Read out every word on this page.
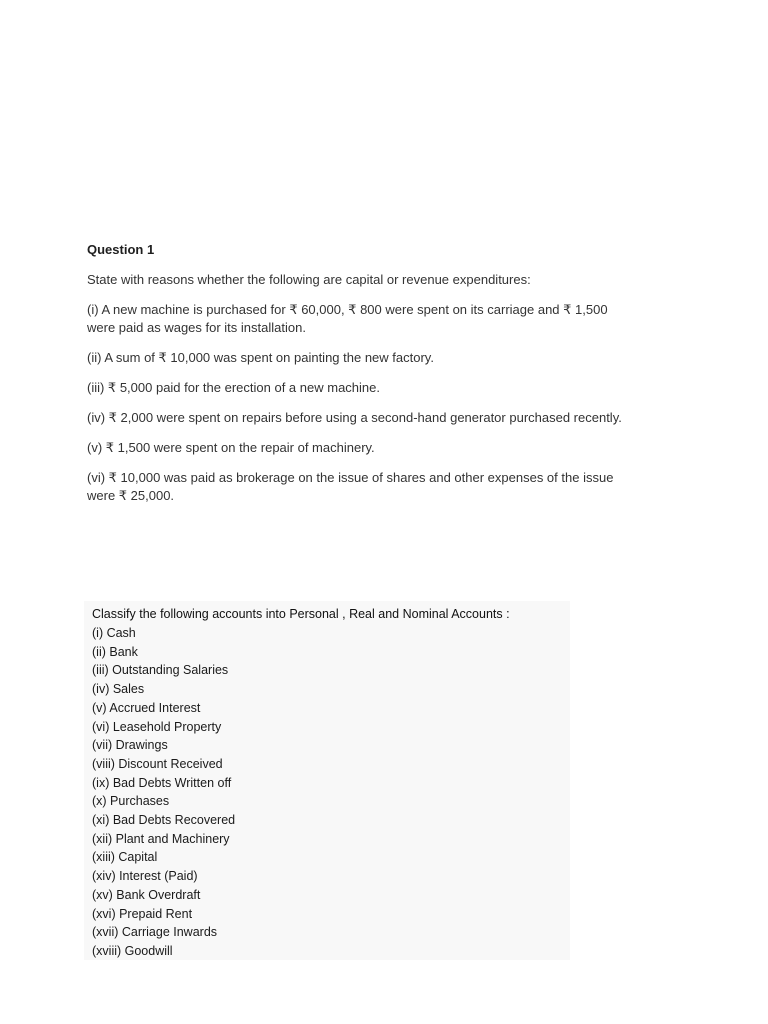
Question 1

State with reasons whether the following are capital or revenue expenditures:

(i) A new machine is purchased for ₹ 60,000, ₹ 800 were spent on its carriage and ₹ 1,500 were paid as wages for its installation.
(ii) A sum of ₹ 10,000 was spent on painting the new factory.
(iii) ₹ 5,000 paid for the erection of a new machine.
(iv) ₹ 2,000 were spent on repairs before using a second-hand generator purchased recently.
(v) ₹ 1,500 were spent on the repair of machinery.
(vi) ₹ 10,000 was paid as brokerage on the issue of shares and other expenses of the issue were ₹ 25,000.

Classify the following accounts into Personal , Real and Nominal Accounts :

(i) Cash
(ii) Bank
(iii) Outstanding Salaries
(iv) Sales
(v) Accrued Interest
(vi) Leasehold Property
(vii) Drawings
(viii) Discount Received
(ix) Bad Debts Written off
(x) Purchases
(xi) Bad Debts Recovered
(xii) Plant and Machinery
(xiii) Capital
(xiv) Interest (Paid)
(xv) Bank Overdraft
(xvi) Prepaid Rent
(xvii) Carriage Inwards
(xviii) Goodwill
